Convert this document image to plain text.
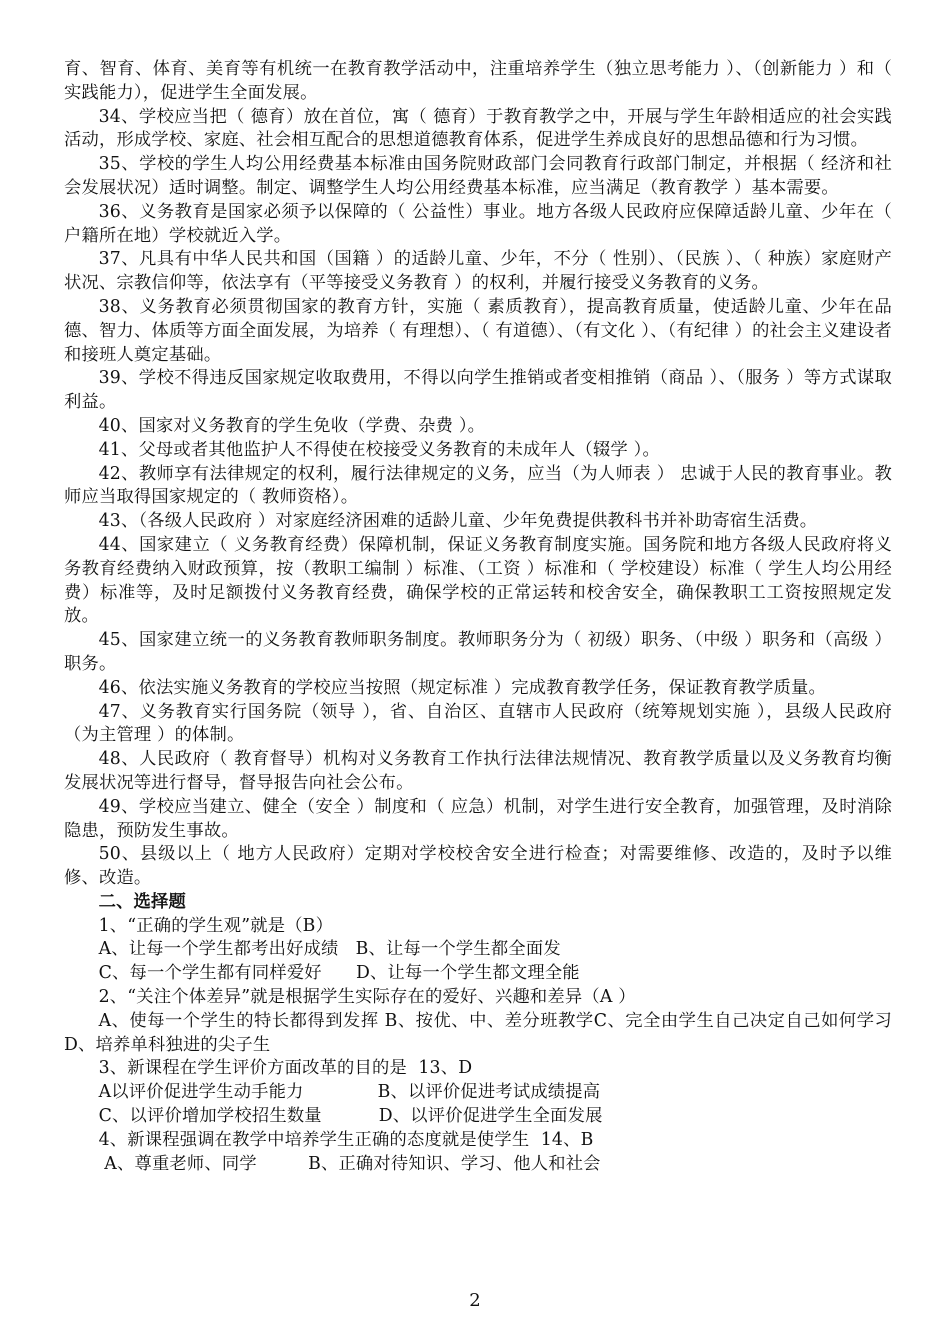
育、智育、体育、美育等有机统一在教育教学活动中，注重培养学生（独立思考能力 ）、（创新能力 ）和（ 实践能力），促进学生全面发展。

34、学校应当把（ 德育）放在首位，寓（ 德育）于教育教学之中，开展与学生年龄相适应的社会实践活动，形成学校、家庭、社会相互配合的思想道德教育体系，促进学生养成良好的思想品德和行为习惯。

35、学校的学生人均公用经费基本标准由国务院财政部门会同教育行政部门制定，并根据（ 经济和社会发展状况）适时调整。制定、调整学生人均公用经费基本标准，应当满足（教育教学 ）基本需要。

36、义务教育是国家必须予以保障的（ 公益性）事业。地方各级人民政府应保障适龄儿童、少年在（ 户籍所在地）学校就近入学。

37、凡具有中华人民共和国（国籍 ）的适龄儿童、少年，不分（ 性别）、（民族 ）、（ 种族）家庭财产状况、宗教信仰等，依法享有（平等接受义务教育 ）的权利，并履行接受义务教育的义务。

38、义务教育必须贯彻国家的教育方针，实施（ 素质教育），提高教育质量，使适龄儿童、少年在品德、智力、体质等方面全面发展，为培养（ 有理想）、（ 有道德）、（有文化 ）、（有纪律 ）的社会主义建设者和接班人奠定基础。

39、学校不得违反国家规定收取费用，不得以向学生推销或者变相推销（商品 ）、（服务 ）等方式谋取利益。

40、国家对义务教育的学生免收（学费、杂费 ）。

41、父母或者其他监护人不得使在校接受义务教育的未成年人（辍学 ）。

42、教师享有法律规定的权利，履行法律规定的义务，应当（为人师表 ） 忠诚于人民的教育事业。教师应当取得国家规定的（ 教师资格）。

43、（各级人民政府 ）对家庭经济困难的适龄儿童、少年免费提供教科书并补助寄宿生活费。

44、国家建立（ 义务教育经费）保障机制，保证义务教育制度实施。国务院和地方各级人民政府将义务教育经费纳入财政预算，按（教职工编制 ）标准、（工资 ）标准和（ 学校建设）标准（ 学生人均公用经费）标准等，及时足额拨付义务教育经费，确保学校的正常运转和校舍安全，确保教职工工资按照规定发放。

45、国家建立统一的义务教育教师职务制度。教师职务分为（ 初级）职务、（中级 ）职务和（高级 ）职务。

46、依法实施义务教育的学校应当按照（规定标准 ）完成教育教学任务，保证教育教学质量。

47、义务教育实行国务院（领导 ），省、自治区、直辖市人民政府（统筹规划实施 ），县级人民政府（为主管理 ）的体制。

48、人民政府（ 教育督导）机构对义务教育工作执行法律法规情况、教育教学质量以及义务教育均衡发展状况等进行督导，督导报告向社会公布。

49、学校应当建立、健全（安全 ）制度和（ 应急）机制，对学生进行安全教育，加强管理，及时消除隐患，预防发生事故。

50、县级以上（ 地方人民政府）定期对学校校舍安全进行检查；对需要维修、改造的，及时予以维修、改造。

二、选择题

1、“正确的学生观”就是（B）

A、让每一个学生都考出好成绩   B、让每一个学生都全面发

C、每一个学生都有同样爱好      D、让每一个学生都文理全能

2、“关注个体差异”就是根据学生实际存在的爱好、兴趣和差异（A ）

A、使每一个学生的特长都得到发挥 B、按优、中、差分班教学C、完全由学生自己决定自己如何学习 D、培养单科独进的尖子生

3、新课程在学生评价方面改革的目的是  13、D

A以评价促进学生动手能力             B、以评价促进考试成绩提高

C、以评价增加学校招生数量          D、以评价促进学生全面发展

4、新课程强调在教学中培养学生正确的态度就是使学生  14、B

A、尊重老师、同学         B、正确对待知识、学习、他人和社会

2
